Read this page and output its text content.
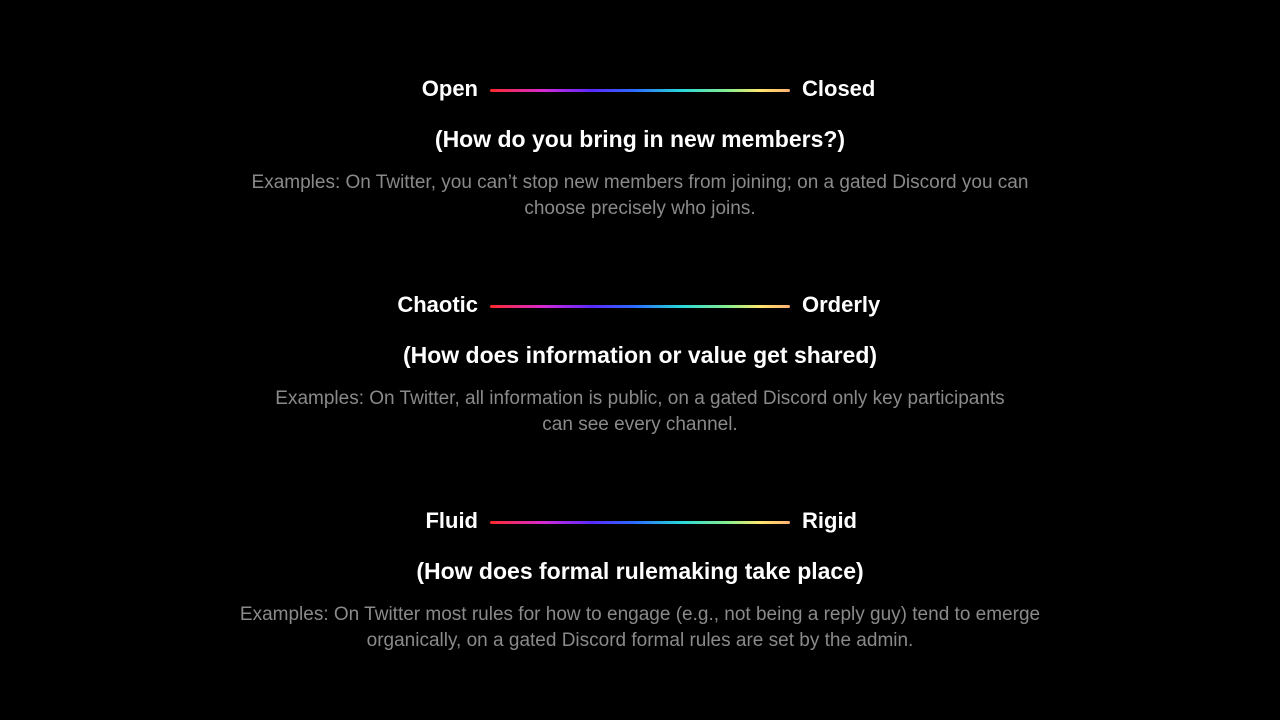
Open	Closed
(How do you bring in new members?)
Examples: On Twitter, you can’t stop new members from joining; on a gated Discord you can
choose precisely who joins.
Chaotic	Orderly
(How does information or value get shared)
Examples: On Twitter, all information is public, on a gated Discord only key participants
can see every channel.
Fluid	Rigid
(How does formal rulemaking take place)
Examples: On Twitter most rules for how to engage (e.g., not being a reply guy) tend to emerge
organically, on a gated Discord formal rules are set by the admin.
